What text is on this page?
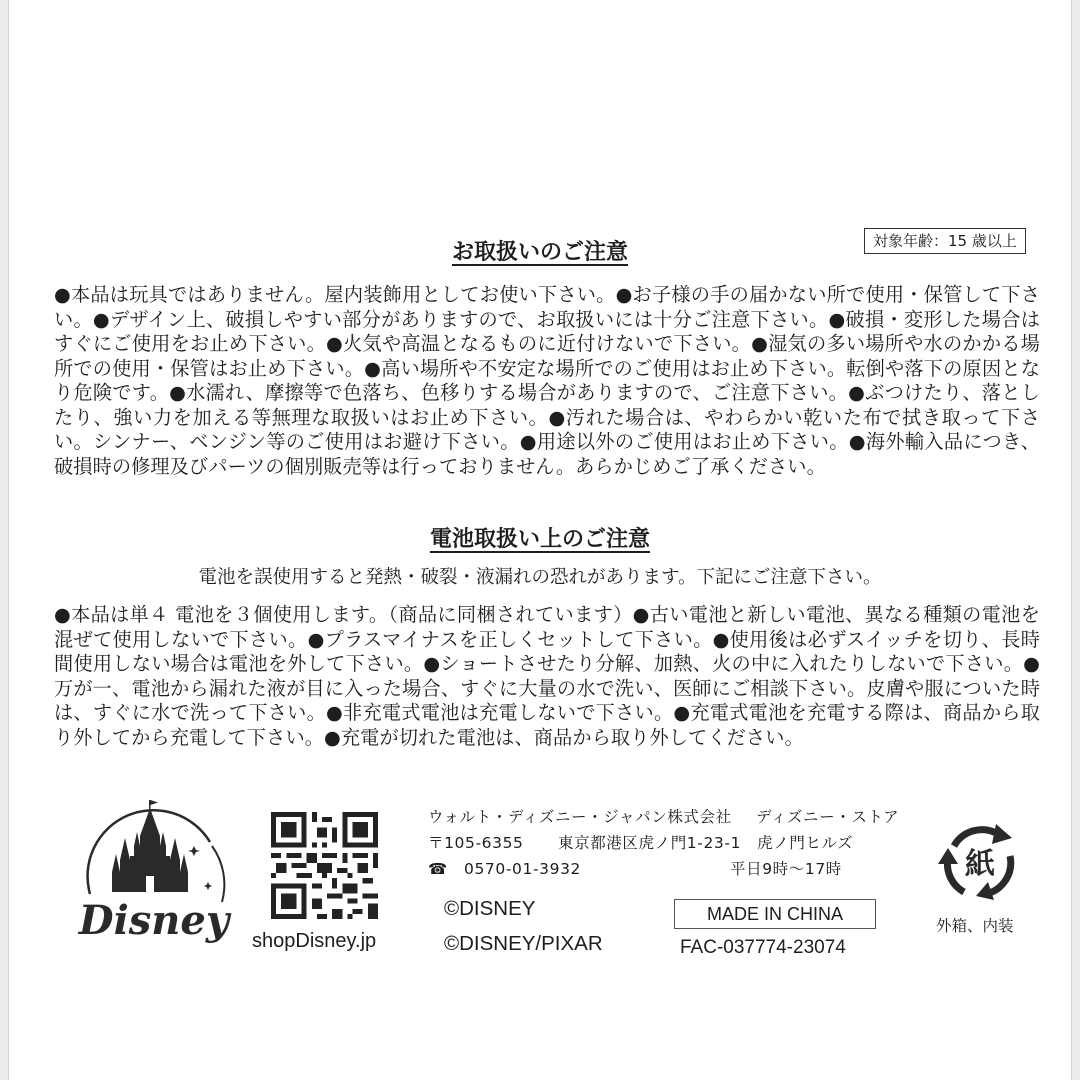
対象年齢：15 歳以上
お取扱いのご注意
●本品は玩具ではありません。屋内装飾用としてお使い下さい。●お子様の手の届かない所で使用・保管して下さい。●デザイン上、破損しやすい部分がありますので、お取扱いには十分ご注意下さい。●破損・変形した場合はすぐにご使用をお止め下さい。●火気や高温となるものに近付けないで下さい。●湿気の多い場所や水のかかる場所での使用・保管はお止め下さい。●高い場所や不安定な場所でのご使用はお止め下さい。転倒や落下の原因となり危険です。●水濡れ、摩擦等で色落ち、色移りする場合がありますので、ご注意下さい。●ぶつけたり、落としたり、強い力を加える等無理な取扱いはお止め下さい。●汚れた場合は、やわらかい乾いた布で拭き取って下さい。シンナー、ベンジン等のご使用はお避け下さい。●用途以外のご使用はお止め下さい。●海外輸入品につき、破損時の修理及びパーツの個別販売等は行っておりません。あらかじめご了承ください。
電池取扱い上のご注意
電池を誤使用すると発熱・破裂・液漏れの恐れがあります。下記にご注意下さい。
●本品は単４ 電池を３個使用します。（商品に同梱されています）●古い電池と新しい電池、異なる種類の電池を混ぜて使用しないで下さい。●プラスマイナスを正しくセットして下さい。●使用後は必ずスイッチを切り、長時間使用しない場合は電池を外して下さい。●ショートさせたり分解、加熱、火の中に入れたりしないで下さい。●万が一、電池から漏れた液が目に入った場合、すぐに大量の水で洗い、医師にご相談下さい。皮膚や服についた時は、すぐに水で洗って下さい。●非充電式電池は充電しないで下さい。●充電式電池を充電する際は、商品から取り外してから充電して下さい。●充電が切れた電池は、商品から取り外してください。
Disney shopDisney.jp
ウォルト・ディズニー・ジャパン株式会社 ディズニー・ストア
〒105-6355 東京都港区虎ノ門1-23-1　虎ノ門ヒルズ
☎　0570-01-3932	平日9時～17時
©DISNEY
©DISNEY/PIXAR
MADE IN CHINA
FAC-037774-23074
紙
外箱、内装
